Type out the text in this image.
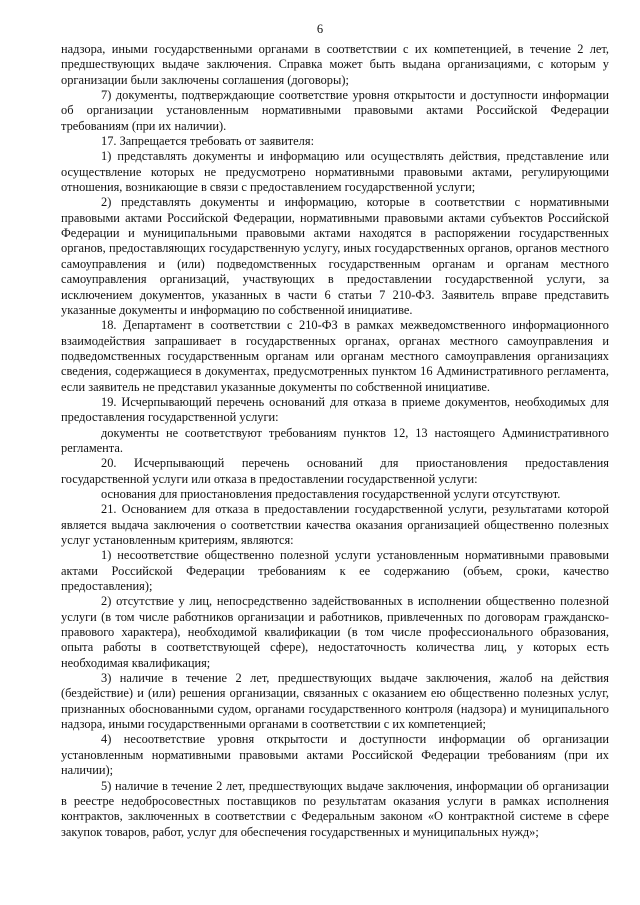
6

надзора, иными государственными органами в соответствии с их компетенцией, в течение 2 лет, предшествующих выдаче заключения. Справка может быть выдана организациями, с которым у организации были заключены соглашения (договоры);

7) документы, подтверждающие соответствие уровня открытости и доступности информации об организации установленным нормативными правовыми актами Российской Федерации требованиям (при их наличии).

17. Запрещается требовать от заявителя:

1) представлять документы и информацию или осуществлять действия, представление или осуществление которых не предусмотрено нормативными правовыми актами, регулирующими отношения, возникающие в связи с предоставлением государственной услуги;

2) представлять документы и информацию, которые в соответствии с нормативными правовыми актами Российской Федерации, нормативными правовыми актами субъектов Российской Федерации и муниципальными правовыми актами находятся в распоряжении государственных органов, предоставляющих государственную услугу, иных государственных органов, органов местного самоуправления и (или) подведомственных государственным органам и органам местного самоуправления организаций, участвующих в предоставлении государственной услуги, за исключением документов, указанных в части 6 статьи 7 210-ФЗ. Заявитель вправе представить указанные документы и информацию по собственной инициативе.

18. Департамент в соответствии с 210-ФЗ в рамках межведомственного информационного взаимодействия запрашивает в государственных органах, органах местного самоуправления и подведомственных государственным органам или органам местного самоуправления организациях сведения, содержащиеся в документах, предусмотренных пунктом 16 Административного регламента, если заявитель не представил указанные документы по собственной инициативе.

19. Исчерпывающий перечень оснований для отказа в приеме документов, необходимых для предоставления государственной услуги:

документы не соответствуют требованиям пунктов 12, 13 настоящего Административного регламента.

20. Исчерпывающий перечень оснований для приостановления предоставления государственной услуги или отказа в предоставлении государственной услуги:

основания для приостановления предоставления государственной услуги отсутствуют.

21. Основанием для отказа в предоставлении государственной услуги, результатами которой является выдача заключения о соответствии качества оказания организацией общественно полезных услуг установленным критериям, являются:

1) несоответствие общественно полезной услуги установленным нормативными правовыми актами Российской Федерации требованиям к ее содержанию (объем, сроки, качество предоставления);

2) отсутствие у лиц, непосредственно задействованных в исполнении общественно полезной услуги (в том числе работников организации и работников, привлеченных по договорам гражданско-правового характера), необходимой квалификации (в том числе профессионального образования, опыта работы в соответствующей сфере), недостаточность количества лиц, у которых есть необходимая квалификация;

3) наличие в течение 2 лет, предшествующих выдаче заключения, жалоб на действия (бездействие) и (или) решения организации, связанных с оказанием ею общественно полезных услуг, признанных обоснованными судом, органами государственного контроля (надзора) и муниципального надзора, иными государственными органами в соответствии с их компетенцией;

4) несоответствие уровня открытости и доступности информации об организации установленным нормативными правовыми актами Российской Федерации требованиям (при их наличии);

5) наличие в течение 2 лет, предшествующих выдаче заключения, информации об организации в реестре недобросовестных поставщиков по результатам оказания услуги в рамках исполнения контрактов, заключенных в соответствии с Федеральным законом «О контрактной системе в сфере закупок товаров, работ, услуг для обеспечения государственных и муниципальных нужд»;
